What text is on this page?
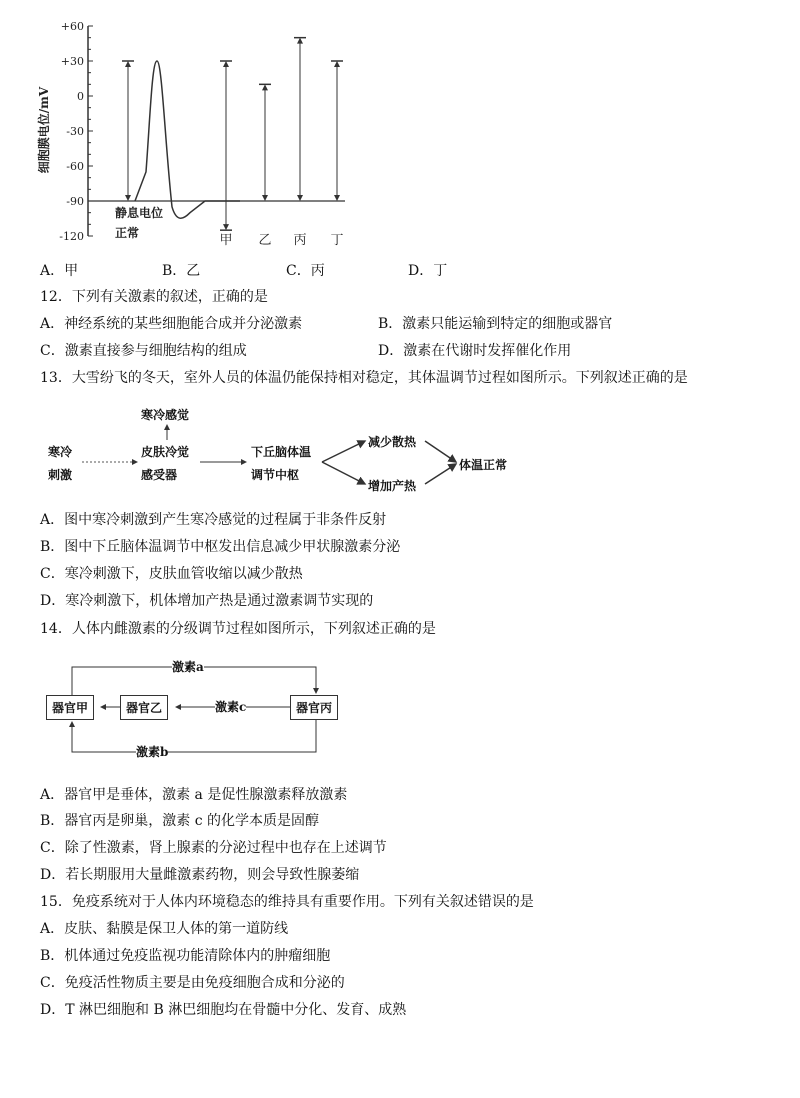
细胞膜电位/mV
+60
+30
0
-30
-60
-90
-120	甲 乙 丙 丁
静息电位
正常
A．甲	B．乙	C．丙	D．丁
12．下列有关激素的叙述，正确的是
A．神经系统的某些细胞能合成并分泌激素	B．激素只能运输到特定的细胞或器官
C．激素直接参与细胞结构的组成	D．激素在代谢时发挥催化作用
13．大雪纷飞的冬天，室外人员的体温仍能保持相对稳定，其体温调节过程如图所示。下列叙述正确的是
寒冷
刺激
寒冷感觉
皮肤冷觉
感受器
下丘脑体温
调节中枢
减少散热
增加产热
体温正常
A．图中寒冷刺激到产生寒冷感觉的过程属于非条件反射
B．图中下丘脑体温调节中枢发出信息减少甲状腺激素分泌
C．寒冷刺激下，皮肤血管收缩以减少散热
D．寒冷刺激下，机体增加产热是通过激素调节实现的
14．人体内雌激素的分级调节过程如图所示，下列叙述正确的是
器官甲	器官乙	器官丙
激素a
激素c
激素b
A．器官甲是垂体，激素 a 是促性腺激素释放激素
B．器官丙是卵巢，激素 c 的化学本质是固醇
C．除了性激素，肾上腺素的分泌过程中也存在上述调节
D．若长期服用大量雌激素药物，则会导致性腺萎缩
15．免疫系统对于人体内环境稳态的维持具有重要作用。下列有关叙述错误的是
A．皮肤、黏膜是保卫人体的第一道防线
B．机体通过免疫监视功能清除体内的肿瘤细胞
C．免疫活性物质主要是由免疫细胞合成和分泌的
D．T 淋巴细胞和 B 淋巴细胞均在骨髓中分化、发育、成熟
